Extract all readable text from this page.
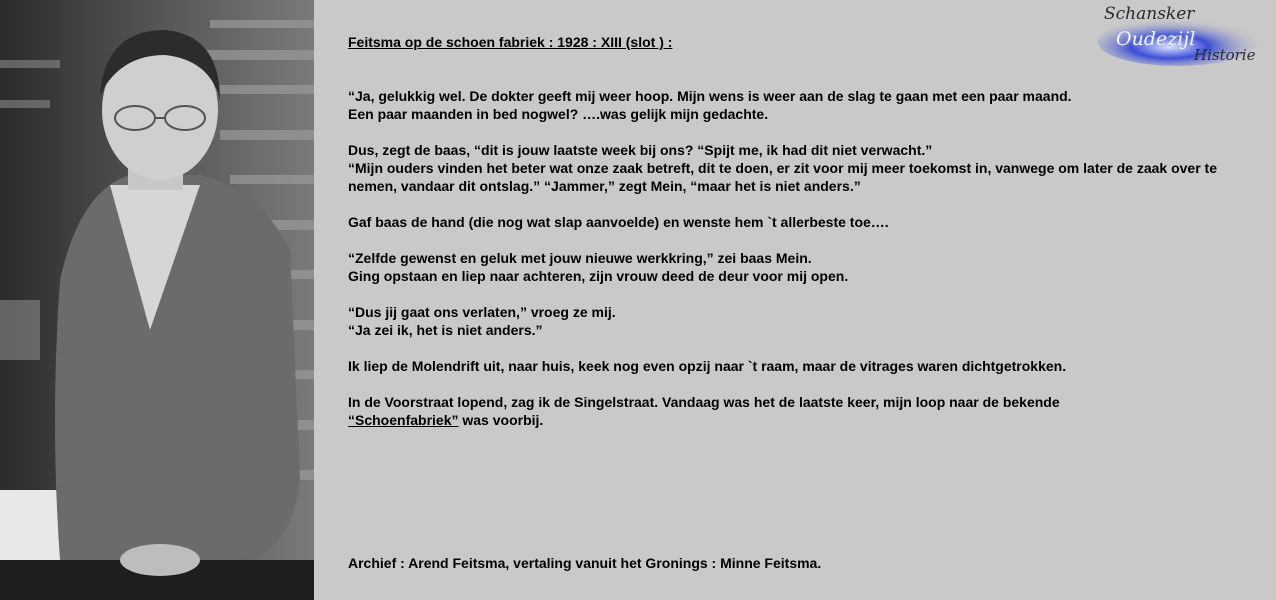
Schansker
Oudezijl
Historie

Feitsma op de schoen fabriek : 1928 : XIII (slot ) :

“Ja, gelukkig wel. De dokter geeft mij weer hoop. Mijn wens is weer aan de slag te gaan met een paar maand.

Een paar maanden in bed nogwel? ….was gelijk mijn gedachte.

Dus, zegt de baas, “dit is jouw laatste week bij ons? “Spijt me, ik had dit niet verwacht.”

“Mijn ouders vinden het beter wat onze zaak betreft, dit te doen, er zit voor mij meer toekomst in, vanwege om later de zaak over te nemen, vandaar dit ontslag.” “Jammer,” zegt Mein, “maar het is niet anders.”

Gaf baas de hand (die nog wat slap aanvoelde) en wenste hem `t allerbeste toe….

“Zelfde gewenst en geluk met jouw nieuwe werkkring,” zei baas Mein.

Ging opstaan en liep naar achteren, zijn vrouw deed de deur voor mij open.

“Dus jij gaat ons verlaten,” vroeg ze mij.

“Ja zei ik, het is niet anders.”

Ik liep de Molendrift uit, naar huis, keek nog even opzij naar `t raam, maar de vitrages waren dichtgetrokken.

In de Voorstraat lopend, zag ik de Singelstraat. Vandaag was het de laatste keer, mijn loop naar de bekende

“Schoenfabriek” was voorbij.

Archief : Arend Feitsma, vertaling vanuit het Gronings : Minne Feitsma.
